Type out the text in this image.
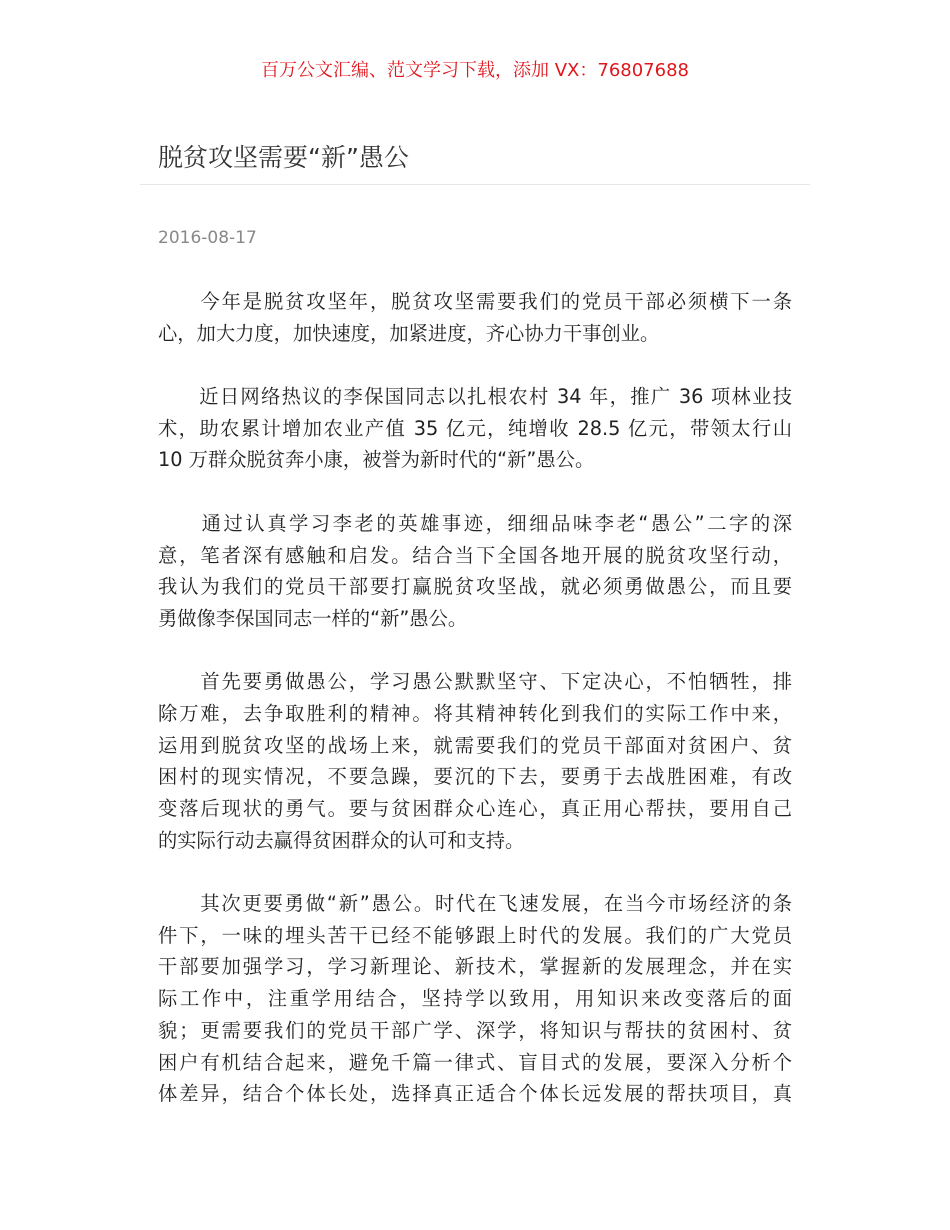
百万公文汇编、范文学习下载，添加 VX：76807688
脱贫攻坚需要“新”愚公
2016-08-17
　　今年是脱贫攻坚年，脱贫攻坚需要我们的党员干部必须横下一条
心，加大力度，加快速度，加紧进度，齐心协力干事创业。
　　近日网络热议的李保国同志以扎根农村 34 年，推广 36 项林业技
术，助农累计增加农业产值 35 亿元，纯增收 28.5 亿元，带领太行山
10 万群众脱贫奔小康，被誉为新时代的“新”愚公。
　　通过认真学习李老的英雄事迹，细细品味李老“愚公”二字的深
意，笔者深有感触和启发。结合当下全国各地开展的脱贫攻坚行动，
我认为我们的党员干部要打赢脱贫攻坚战，就必须勇做愚公，而且要
勇做像李保国同志一样的“新”愚公。
　　首先要勇做愚公，学习愚公默默坚守、下定决心，不怕牺牲，排
除万难，去争取胜利的精神。将其精神转化到我们的实际工作中来，
运用到脱贫攻坚的战场上来，就需要我们的党员干部面对贫困户、贫
困村的现实情况，不要急躁，要沉的下去，要勇于去战胜困难，有改
变落后现状的勇气。要与贫困群众心连心，真正用心帮扶，要用自己
的实际行动去赢得贫困群众的认可和支持。
　　其次更要勇做“新”愚公。时代在飞速发展，在当今市场经济的条
件下，一味的埋头苦干已经不能够跟上时代的发展。我们的广大党员
干部要加强学习，学习新理论、新技术，掌握新的发展理念，并在实
际工作中，注重学用结合，坚持学以致用，用知识来改变落后的面
貌；更需要我们的党员干部广学、深学，将知识与帮扶的贫困村、贫
困户有机结合起来，避免千篇一律式、盲目式的发展，要深入分析个
体差异，结合个体长处，选择真正适合个体长远发展的帮扶项目，真
